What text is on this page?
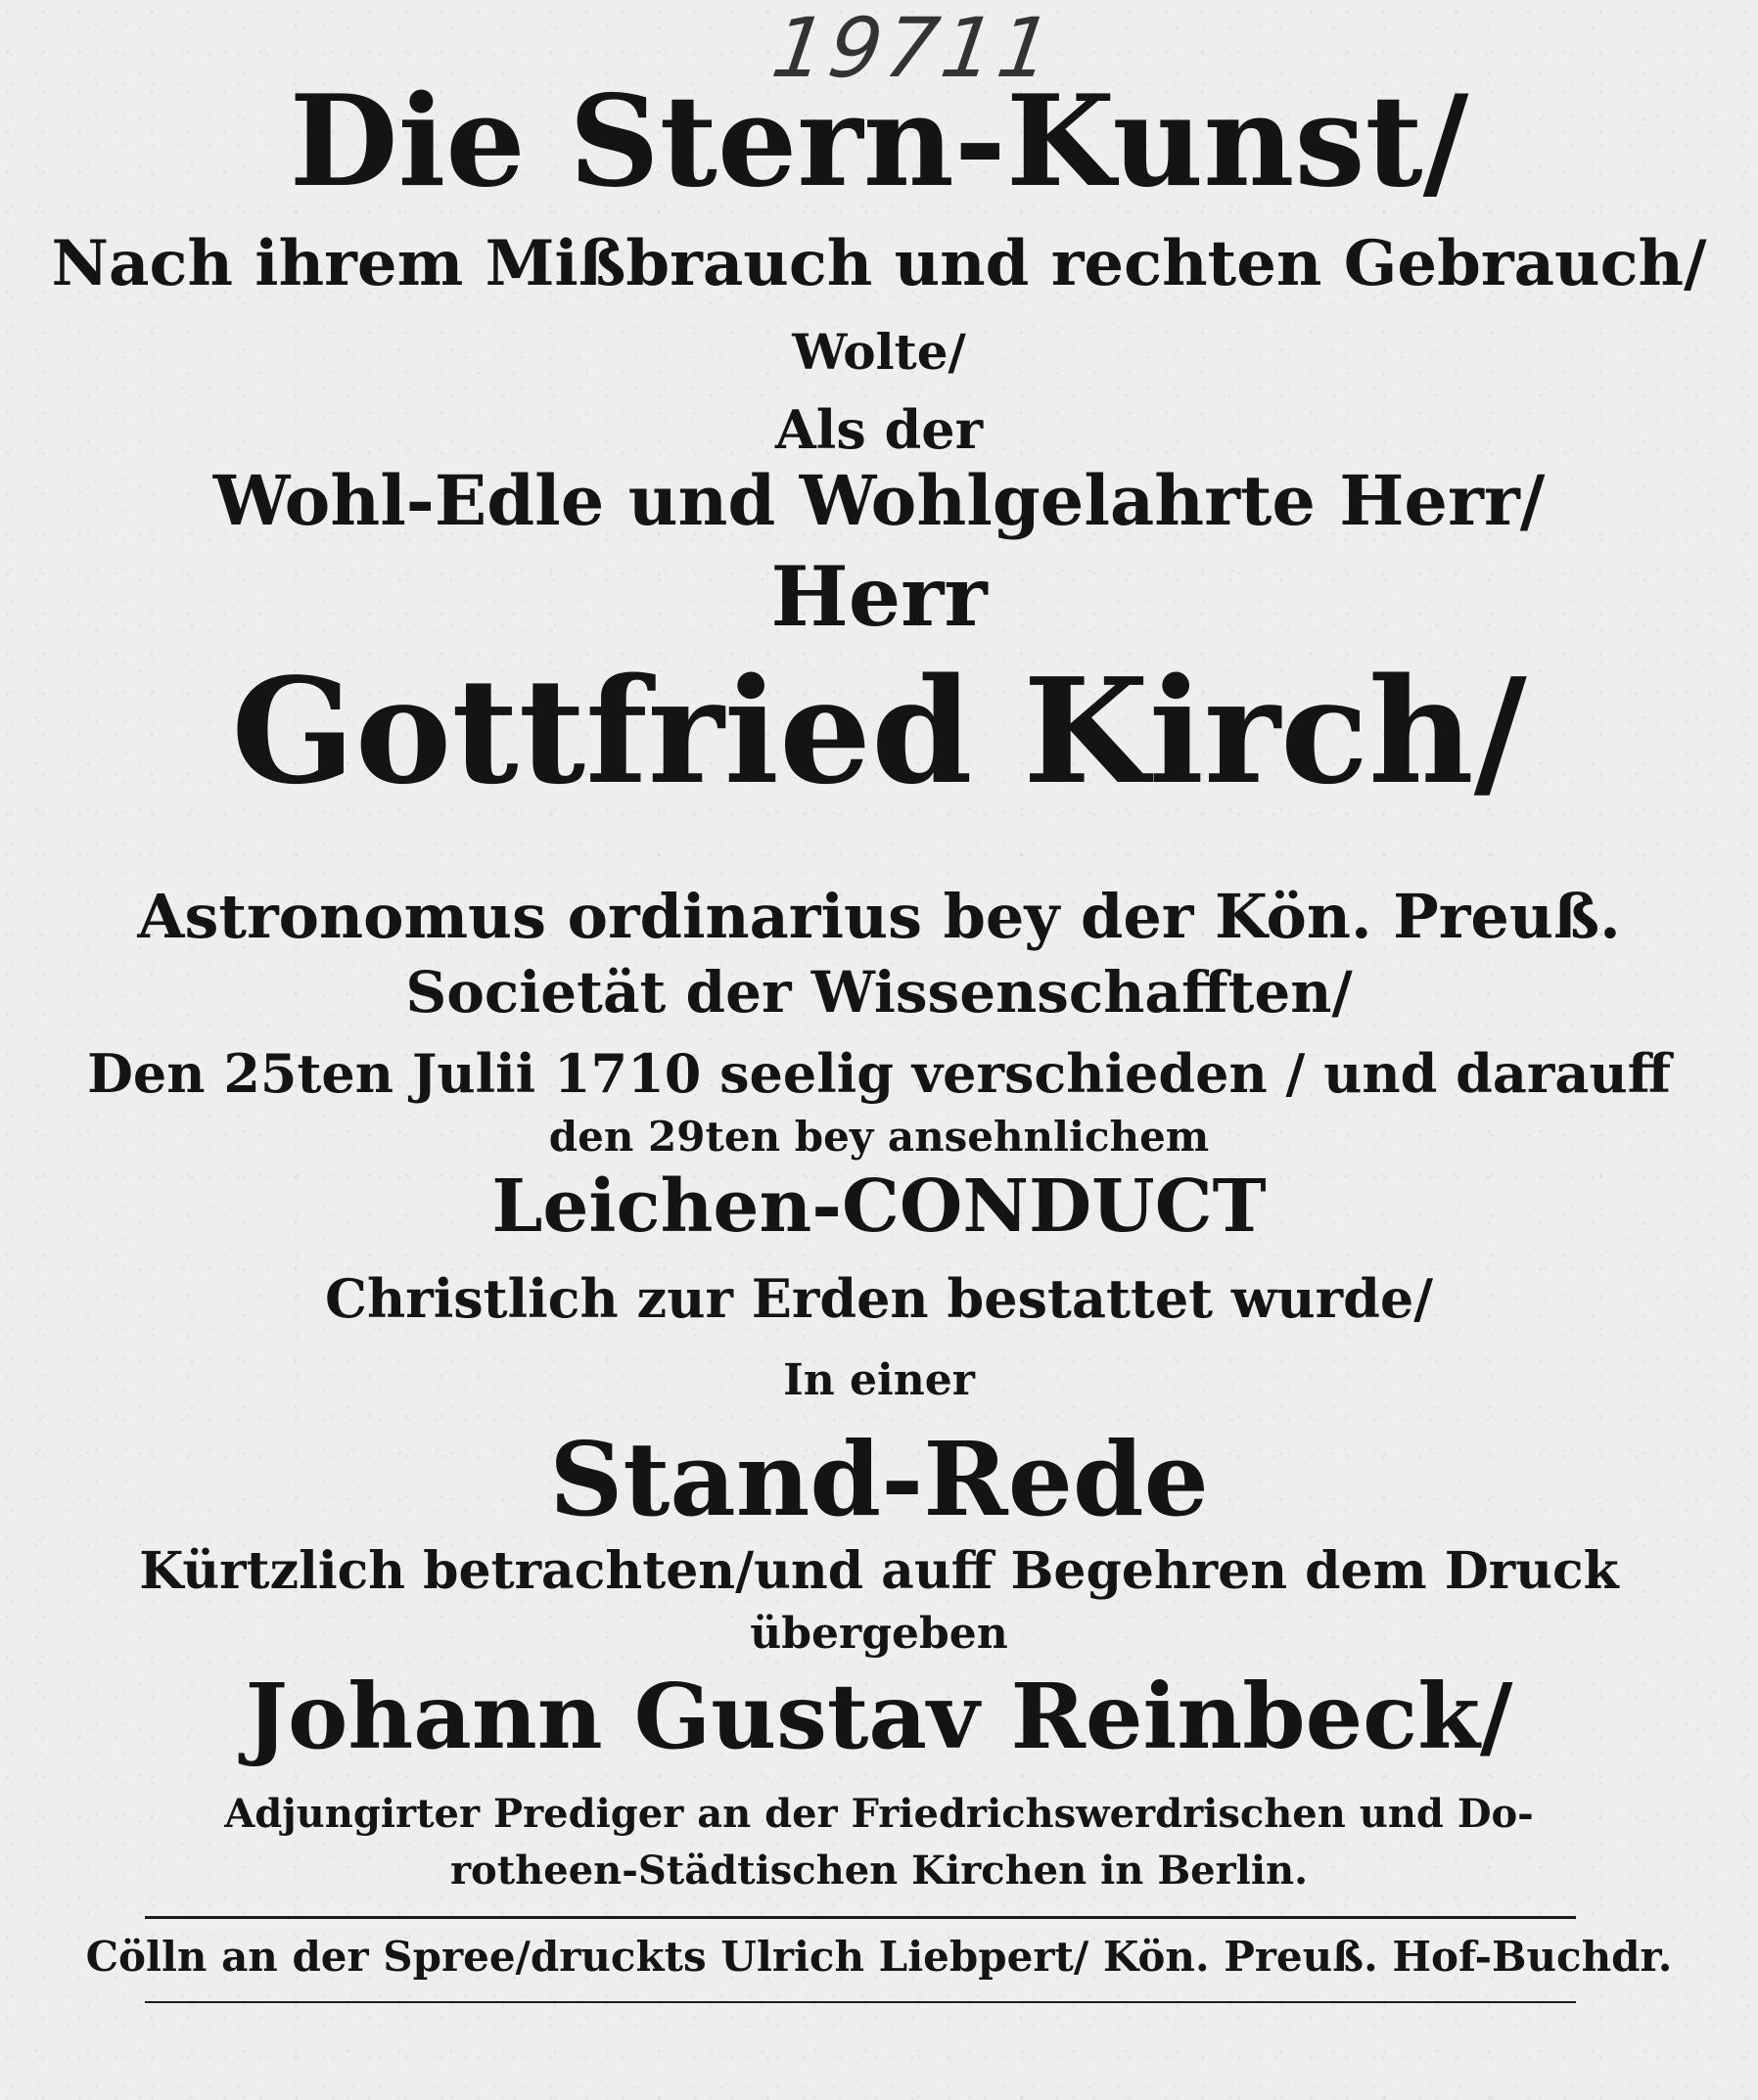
19711
Die Stern-Kunst/
Nach ihrem Mißbrauch und rechten Gebrauch/
Wolte/
Als der
Wohl-Edle und Wohlgelahrte Herr/
Herr
Gottfried Kirch/
Astronomus ordinarius bey der Kön. Preuß.
Societät der Wissenschafften/
Den 25ten Julii 1710 seelig verschieden / und darauff
den 29ten bey ansehnlichem
Leichen-CONDUCT
Christlich zur Erden bestattet wurde/
In einer
Stand-Rede
Kürtzlich betrachten/und auff Begehren dem Druck
übergeben
Johann Gustav Reinbeck/
Adjungirter Prediger an der Friedrichswerdrischen und Do-
rotheen-Städtischen Kirchen in Berlin.
Cölln an der Spree/druckts Ulrich Liebpert/ Kön. Preuß. Hof-Buchdr.
